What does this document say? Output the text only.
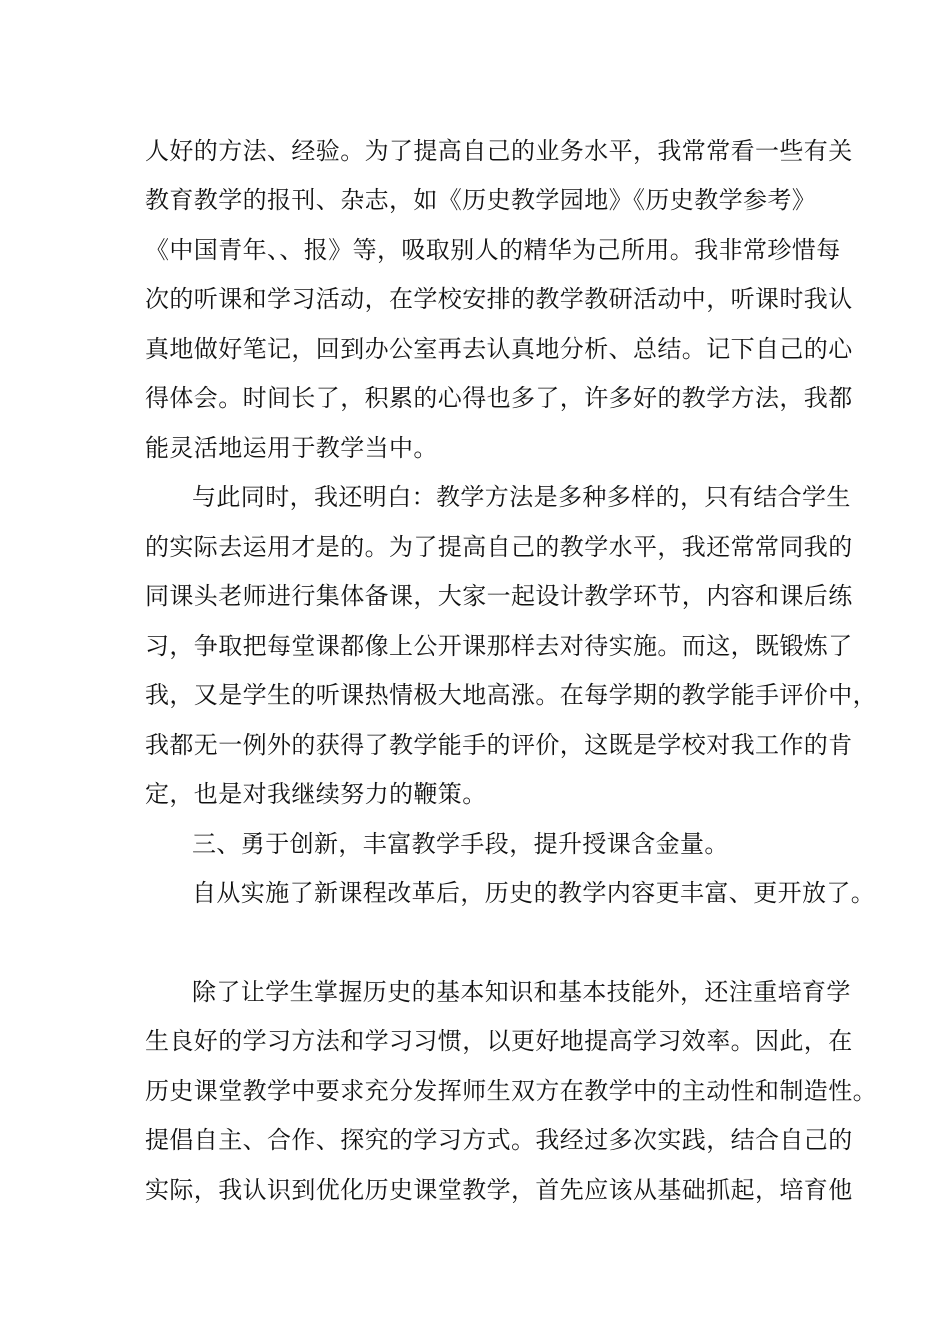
人好的方法、经验。为了提高自己的业务水平，我常常看一些有关
教育教学的报刊、杂志，如《历史教学园地》《历史教学参考》
《中国青年、、报》等，吸取别人的精华为己所用。我非常珍惜每
次的听课和学习活动，在学校安排的教学教研活动中，听课时我认
真地做好笔记，回到办公室再去认真地分析、总结。记下自己的心
得体会。时间长了，积累的心得也多了，许多好的教学方法，我都
能灵活地运用于教学当中。
与此同时，我还明白：教学方法是多种多样的，只有结合学生
的实际去运用才是的。为了提高自己的教学水平，我还常常同我的
同课头老师进行集体备课，大家一起设计教学环节，内容和课后练
习，争取把每堂课都像上公开课那样去对待实施。而这，既锻炼了
我，又是学生的听课热情极大地高涨。在每学期的教学能手评价中，
我都无一例外的获得了教学能手的评价，这既是学校对我工作的肯
定，也是对我继续努力的鞭策。
三、勇于创新，丰富教学手段，提升授课含金量。
自从实施了新课程改革后，历史的教学内容更丰富、更开放了。
除了让学生掌握历史的基本知识和基本技能外，还注重培育学
生良好的学习方法和学习习惯，以更好地提高学习效率。因此，在
历史课堂教学中要求充分发挥师生双方在教学中的主动性和制造性。
提倡自主、合作、探究的学习方式。我经过多次实践，结合自己的
实际，我认识到优化历史课堂教学，首先应该从基础抓起，培育他
